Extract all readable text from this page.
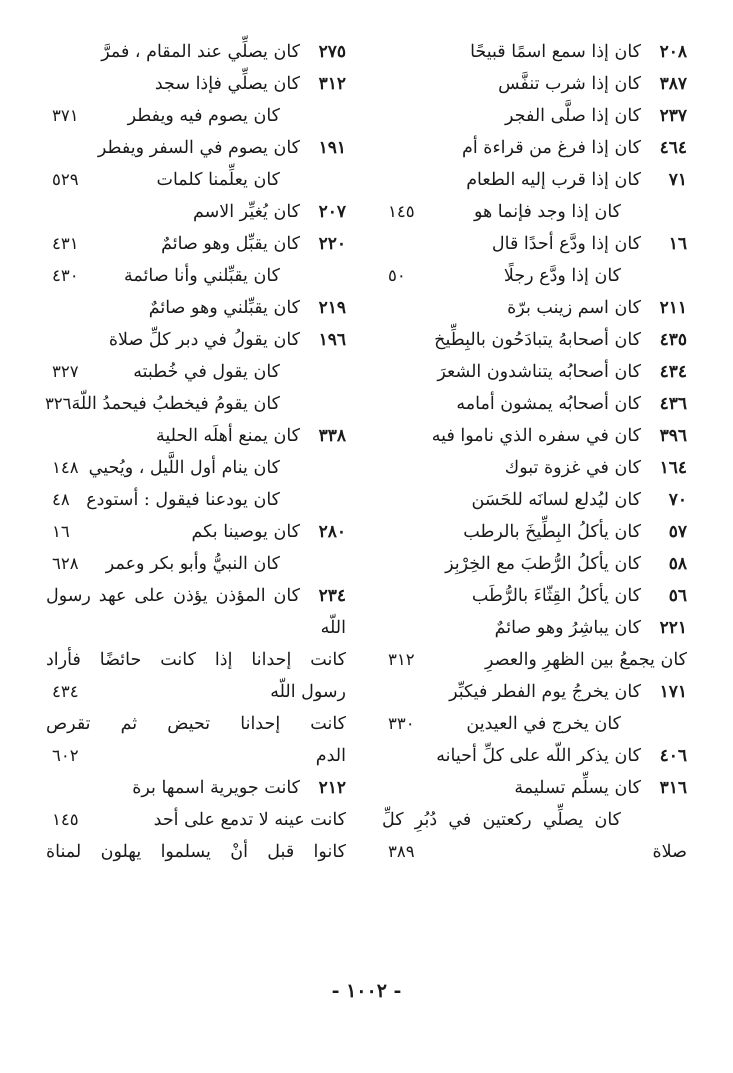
٢٠٨
كان إذا سمع اسمًا قبيحًا
٣٨٧
كان إذا شرب تنفَّس
٢٣٧
كان إذا صلَّى الفجر
٤٦٤
كان إذا فرغ من قراءة أم
٧١
كان إذا قرب إليه الطعام
كان إذا وجد فإنما هو
١٤٥
١٦
كان إذا ودَّع أحدًا قال
كان إذا ودَّع رجلًا
٥٠
٢١١
كان اسم زينب برّة
٤٣٥
كان أصحابهُ يتبادَحُون بالبِطِّيخ
٤٣٤
كان أصحابُه يتناشدون الشعرَ
٤٣٦
كان أصحابُه يمشون أمامه
٣٩٦
كان في سفره الذي ناموا فيه
١٦٤
كان في غزوة تبوك
٧٠
كان ليُدلع لسانَه للحَسَن
٥٧
كان يأكلُ البِطِّيخَ بالرطب
٥٨
كان يأكلُ الرُّطبَ مع الخِرْبِز
٥٦
كان يأكلُ القِثّاءَ بالرُّطَب
٢٢١
كان يباشِرُ وهو صائمٌ
كان يجمعُ بين الظهرِ والعصرِ
٣١٢
١٧١
كان يخرجُ يوم الفطر فيكبِّر
كان يخرج في العيدين
٣٣٠
٤٠٦
كان يذكر اللّه على كلِّ أحيانه
٣١٦
كان يسلِّم تسليمة
كان يصلِّي ركعتين في دُبُرِ كلِّ
صلاة
٣٨٩
٢٧٥
كان يصلِّي عند المقام ، فمرَّ
٣١٢
كان يصلِّي فإذا سجد
كان يصوم فيه ويفطر
٣٧١
١٩١
كان يصوم في السفر ويفطر
كان يعلِّمنا كلمات
٥٢٩
٢٠٧
كان يُغيِّر الاسم
٢٢٠
كان يقبِّل وهو صائمٌ
٤٣١
كان يقبِّلني وأنا صائمة
٤٣٠
٢١٩
كان يقبِّلني وهو صائمٌ
١٩٦
كان يقولُ في دبر كلِّ صلاة
كان يقول في خُطبته
٣٢٧
كان يقومُ فيخطبُ فيحمدُ اللّهَ
٣٢٦
٣٣٨
كان يمنع أهلَه الحلية
كان ينام أول اللَّيل ، ويُحيي
١٤٨
كان يودعنا فيقول : أستودع
٤٨
٢٨٠
كان يوصينا بكم
١٦
كان النبيُّ وأبو بكر وعمر
٦٢٨
٢٣٤
كان المؤذن يؤذن على عهد رسول
اللّه
كانت إحدانا إذا كانت حائضًا فأراد
رسول اللّه
٤٣٤
كانت إحدانا تحيض ثم تقرص
الدم
٦٠٢
٢١٢
كانت جويرية اسمها برة
كانت عينه لا تدمع على أحد
١٤٥
كانوا قبل أنْ يسلموا يهلون لمناة
- ١٠٠٢ -
